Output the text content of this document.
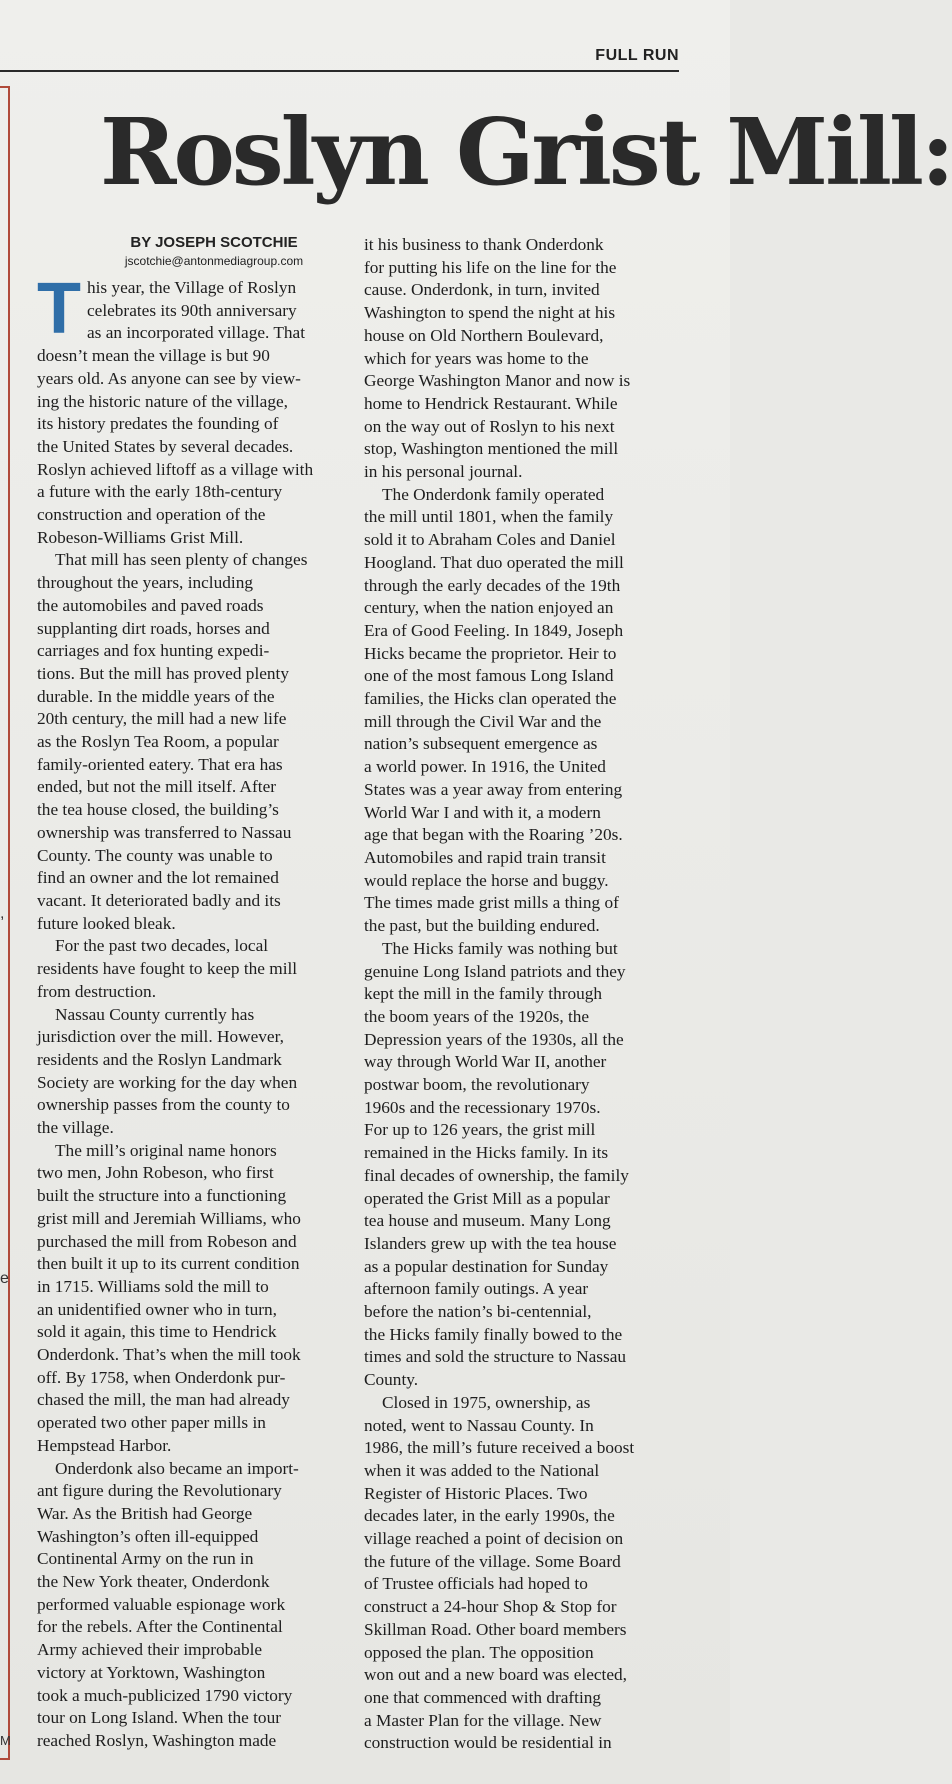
FULL RUN
,
e
M
Roslyn Grist Mill:
BY JOSEPH SCOTCHIE
jscotchie@antonmediagroup.com

T his year, the Village of Roslyn
celebrates its 90th anniversary
as an incorporated village. That
doesn’t mean the village is but 90
years old. As anyone can see by view-
ing the historic nature of the village,
its history predates the founding of
the United States by several decades.
Roslyn achieved liftoff as a village with
a future with the early 18th-century
construction and operation of the
Robeson-Williams Grist Mill.

That mill has seen plenty of changes
throughout the years, including
the automobiles and paved roads
supplanting dirt roads, horses and
carriages and fox hunting expedi-
tions. But the mill has proved plenty
durable. In the middle years of the
20th century, the mill had a new life
as the Roslyn Tea Room, a popular
family-oriented eatery. That era has
ended, but not the mill itself. After
the tea house closed, the building’s
ownership was transferred to Nassau
County. The county was unable to
find an owner and the lot remained
vacant. It deteriorated badly and its
future looked bleak.

For the past two decades, local
residents have fought to keep the mill
from destruction.

Nassau County currently has
jurisdiction over the mill. However,
residents and the Roslyn Landmark
Society are working for the day when
ownership passes from the county to
the village.

The mill’s original name honors
two men, John Robeson, who first
built the structure into a functioning
grist mill and Jeremiah Williams, who
purchased the mill from Robeson and
then built it up to its current condition
in 1715. Williams sold the mill to
an unidentified owner who in turn,
sold it again, this time to Hendrick
Onderdonk. That’s when the mill took
off. By 1758, when Onderdonk pur-
chased the mill, the man had already
operated two other paper mills in
Hempstead Harbor.

Onderdonk also became an import-
ant figure during the Revolutionary
War. As the British had George
Washington’s often ill-equipped
Continental Army on the run in
the New York theater, Onderdonk
performed valuable espionage work
for the rebels. After the Continental
Army achieved their improbable
victory at Yorktown, Washington
took a much-publicized 1790 victory
tour on Long Island. When the tour
reached Roslyn, Washington made

it his business to thank Onderdonk
for putting his life on the line for the
cause. Onderdonk, in turn, invited
Washington to spend the night at his
house on Old Northern Boulevard,
which for years was home to the
George Washington Manor and now is
home to Hendrick Restaurant. While
on the way out of Roslyn to his next
stop, Washington mentioned the mill
in his personal journal.

The Onderdonk family operated
the mill until 1801, when the family
sold it to Abraham Coles and Daniel
Hoogland. That duo operated the mill
through the early decades of the 19th
century, when the nation enjoyed an
Era of Good Feeling. In 1849, Joseph
Hicks became the proprietor. Heir to
one of the most famous Long Island
families, the Hicks clan operated the
mill through the Civil War and the
nation’s subsequent emergence as
a world power. In 1916, the United
States was a year away from entering
World War I and with it, a modern
age that began with the Roaring ’20s.
Automobiles and rapid train transit
would replace the horse and buggy.
The times made grist mills a thing of
the past, but the building endured.

The Hicks family was nothing but
genuine Long Island patriots and they
kept the mill in the family through
the boom years of the 1920s, the
Depression years of the 1930s, all the
way through World War II, another
postwar boom, the revolutionary
1960s and the recessionary 1970s.
For up to 126 years, the grist mill
remained in the Hicks family. In its
final decades of ownership, the family
operated the Grist Mill as a popular
tea house and museum. Many Long
Islanders grew up with the tea house
as a popular destination for Sunday
afternoon family outings. A year
before the nation’s bi-centennial,
the Hicks family finally bowed to the
times and sold the structure to Nassau
County.

Closed in 1975, ownership, as
noted, went to Nassau County. In
1986, the mill’s future received a boost
when it was added to the National
Register of Historic Places. Two
decades later, in the early 1990s, the
village reached a point of decision on
the future of the village. Some Board
of Trustee officials had hoped to
construct a 24-hour Shop & Stop for
Skillman Road. Other board members
opposed the plan. The opposition
won out and a new board was elected,
one that commenced with drafting
a Master Plan for the village. New
construction would be residential in
